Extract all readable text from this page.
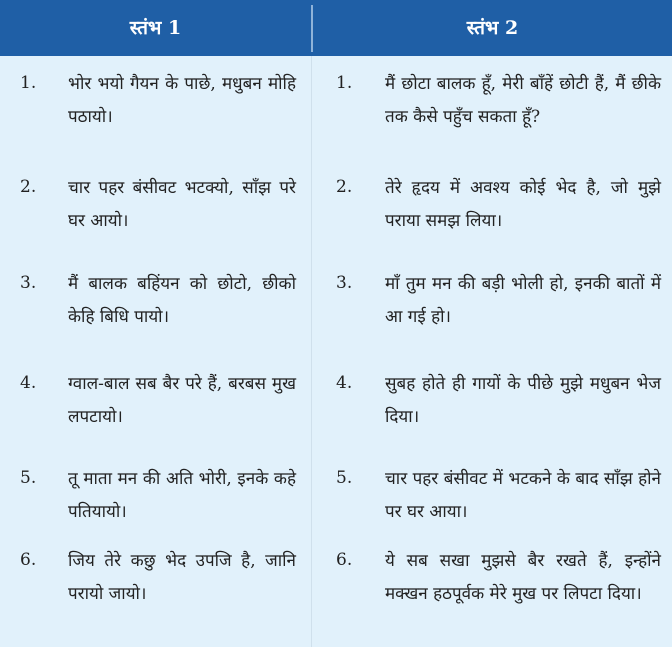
स्तंभ 1	स्तंभ 2
1. भोर भयो गैयन के पाछे, मधुबन मोहि पठायो।
1. मैं छोटा बालक हूँ, मेरी बाँहें छोटी हैं, मैं छीके तक कैसे पहुँच सकता हूँ?
2. चार पहर बंसीवट भटक्यो, साँझ परे घर आयो।
2. तेरे हृदय में अवश्य कोई भेद है, जो मुझे पराया समझ लिया।
3. मैं बालक बहिंयन को छोटो, छीको केहि बिधि पायो।
3. माँ तुम मन की बड़ी भोली हो, इनकी बातों में आ गई हो।
4. ग्वाल-बाल सब बैर परे हैं, बरबस मुख लपटायो।
4. सुबह होते ही गायों के पीछे मुझे मधुबन भेज दिया।
5. तू माता मन की अति भोरी, इनके कहे पतियायो।
5. चार पहर बंसीवट में भटकने के बाद साँझ होने पर घर आया।
6. जिय तेरे कछु भेद उपजि है, जानि परायो जायो।
6. ये सब सखा मुझसे बैर रखते हैं, इन्होंने मक्खन हठपूर्वक मेरे मुख पर लिपटा दिया।
